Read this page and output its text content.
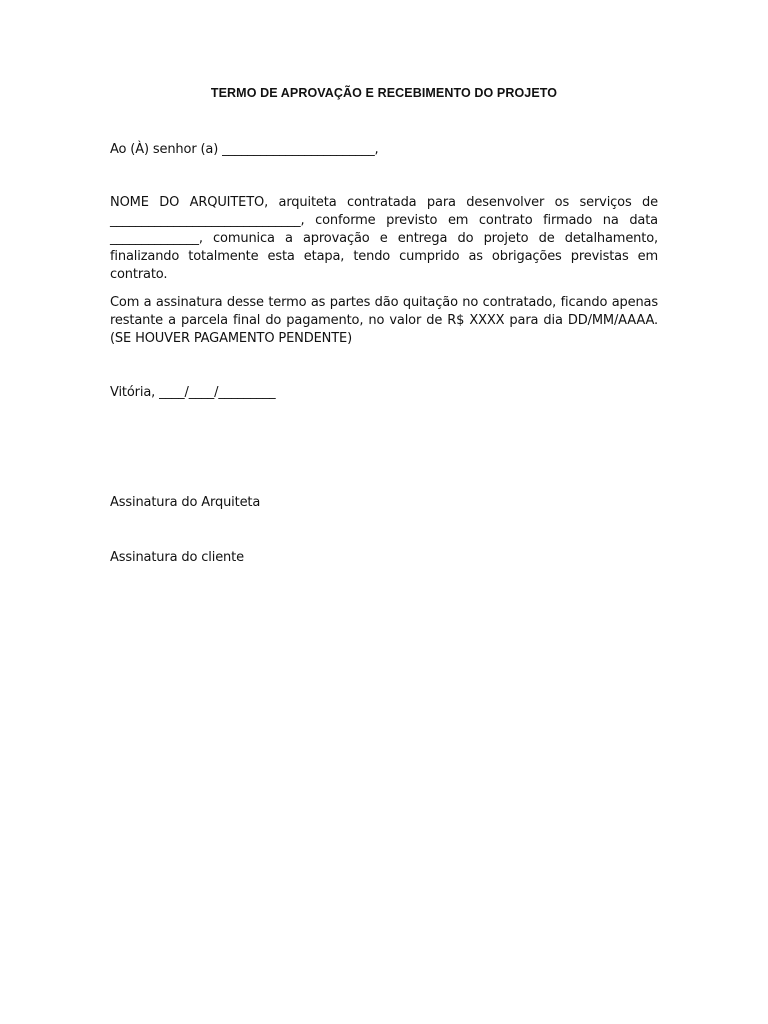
TERMO DE APROVAÇÃO E RECEBIMENTO DO PROJETO
Ao (À) senhor (a) ________________________,
NOME DO ARQUITETO, arquiteta contratada para desenvolver os serviços de ______________________________, conforme previsto em contrato firmado na data ______________, comunica a aprovação e entrega do projeto de detalhamento, finalizando totalmente esta etapa, tendo cumprido as obrigações previstas em contrato.
Com a assinatura desse termo as partes dão quitação no contratado, ficando apenas restante a parcela final do pagamento, no valor de R$ XXXX para dia DD/MM/AAAA. (SE HOUVER PAGAMENTO PENDENTE)
Vitória, ____/____/_________
Assinatura do Arquiteta
Assinatura do cliente
